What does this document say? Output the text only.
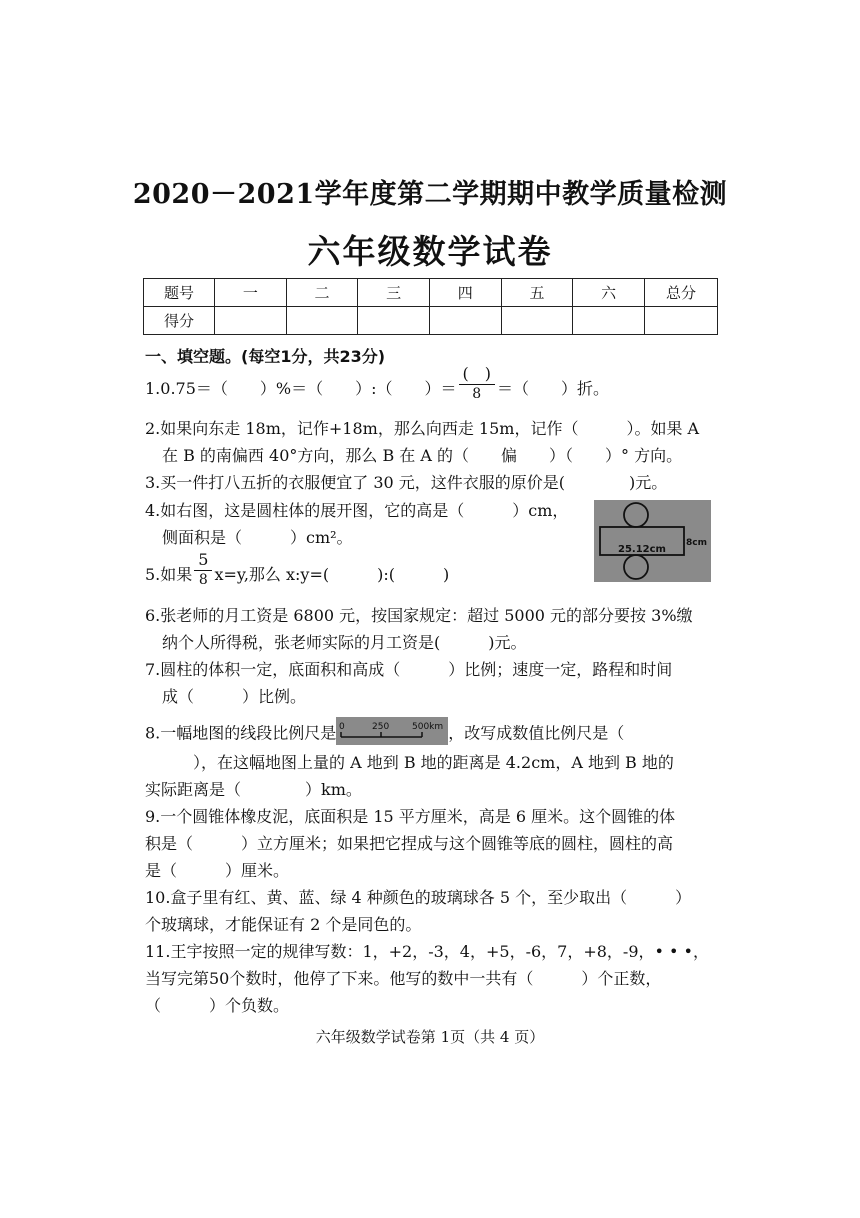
2020－2021学年度第二学期期中教学质量检测
六年级数学试卷
题号	一	二	三	四	五	六	总分
得分							
一、填空题。(每空1分，共23分)
1.0.75＝（　　）%＝（　　）:（　　）＝ $\frac{( )}{8}$ ＝（　　）折。
2.如果向东走 18m，记作+18m，那么向西走 15m，记作（　　　）。如果 A
在 B 的南偏西 40°方向，那么 B 在 A 的（　　偏　　）（　　）° 方向。
3.买一件打八五折的衣服便宜了 30 元，这件衣服的原价是(　　　　)元。
4.如右图，这是圆柱体的展开图，它的高是（　　　）cm，
侧面积是（　　　）cm²。
25.12cm
8cm
5.如果 $\frac{5}{8} x=y$,那么 x:y=(　　　):(　　　)
6.张老师的月工资是 6800 元，按国家规定：超过 5000 元的部分要按 3%缴
纳个人所得税，张老师实际的月工资是(　　　)元。
7.圆柱的体积一定，底面积和高成（　　　）比例；速度一定，路程和时间
成（　　　）比例。
8.一幅地图的线段比例尺是 0	250	500km ，改写成数值比例尺是（
　　　），在这幅地图上量的 A 地到 B 地的距离是 4.2cm，A 地到 B 地的
实际距离是（　　　　）km。
9.一个圆锥体橡皮泥，底面积是 15 平方厘米，高是 6 厘米。这个圆锥的体
积是（　　　）立方厘米；如果把它捏成与这个圆锥等底的圆柱，圆柱的高
是（　　　）厘米。
10.盒子里有红、黄、蓝、绿 4 种颜色的玻璃球各 5 个，至少取出（　　　）
个玻璃球，才能保证有 2 个是同色的。
11.王宇按照一定的规律写数：1，+2，-3，4，+5，-6，7，+8，-9，• • •，
当写完第50个数时，他停了下来。他写的数中一共有（　　　）个正数，
（　　　）个负数。
六年级数学试卷第 1页（共 4 页）
